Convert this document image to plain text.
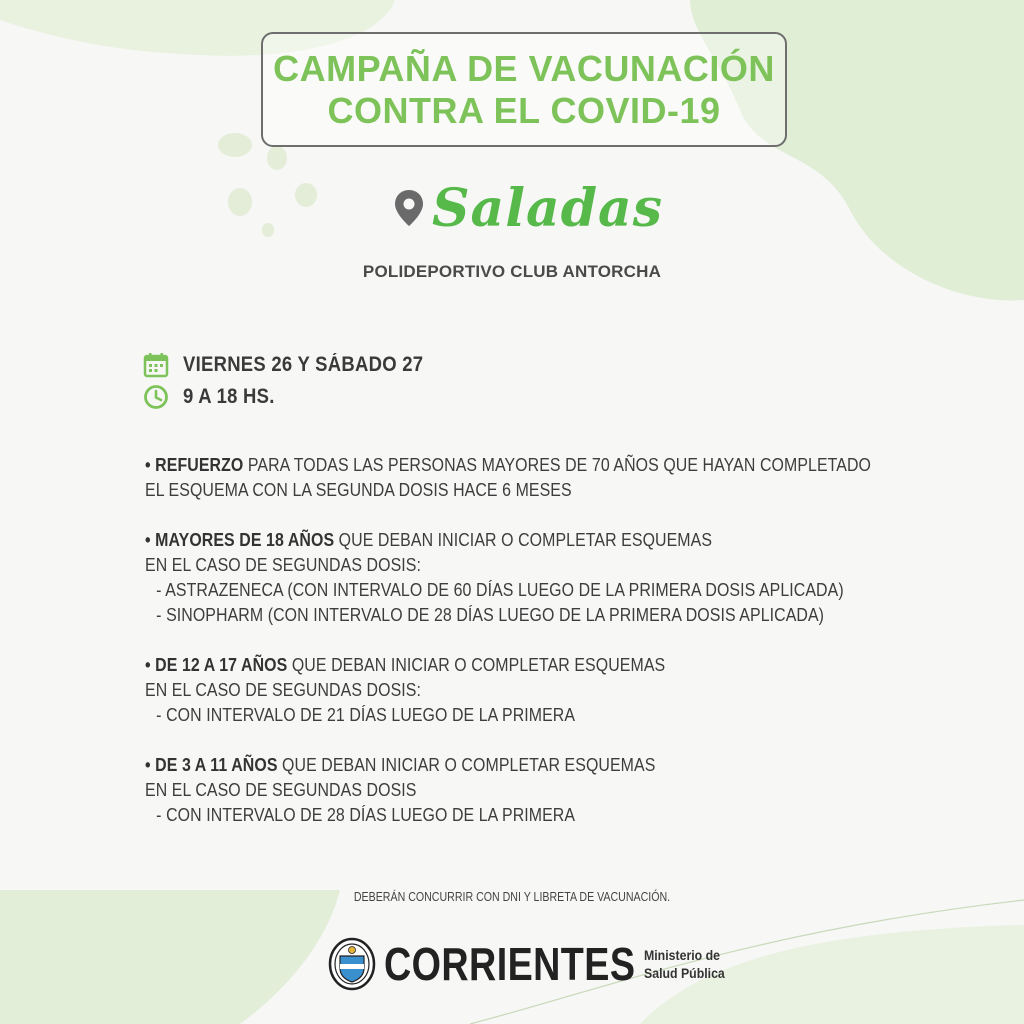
CAMPAÑA DE VACUNACIÓN
CONTRA EL COVID-19
Saladas
POLIDEPORTIVO CLUB ANTORCHA
VIERNES 26 Y SÁBADO 27
9 A 18 HS.
• REFUERZO PARA TODAS LAS PERSONAS MAYORES DE 70 AÑOS QUE HAYAN COMPLETADO
EL ESQUEMA CON LA SEGUNDA DOSIS HACE 6 MESES
• MAYORES DE 18 AÑOS QUE DEBAN INICIAR O COMPLETAR ESQUEMAS
EN EL CASO DE SEGUNDAS DOSIS:
- ASTRAZENECA (CON INTERVALO DE 60 DÍAS LUEGO DE LA PRIMERA DOSIS APLICADA)
- SINOPHARM (CON INTERVALO DE 28 DÍAS LUEGO DE LA PRIMERA DOSIS APLICADA)
• DE 12 A 17 AÑOS QUE DEBAN INICIAR O COMPLETAR ESQUEMAS
EN EL CASO DE SEGUNDAS DOSIS:
- CON INTERVALO DE 21 DÍAS LUEGO DE LA PRIMERA
• DE 3 A 11 AÑOS QUE DEBAN INICIAR O COMPLETAR ESQUEMAS
EN EL CASO DE SEGUNDAS DOSIS
- CON INTERVALO DE 28 DÍAS LUEGO DE LA PRIMERA
DEBERÁN CONCURRIR CON DNI Y LIBRETA DE VACUNACIÓN.
CORRIENTES Ministerio de
Salud Pública
